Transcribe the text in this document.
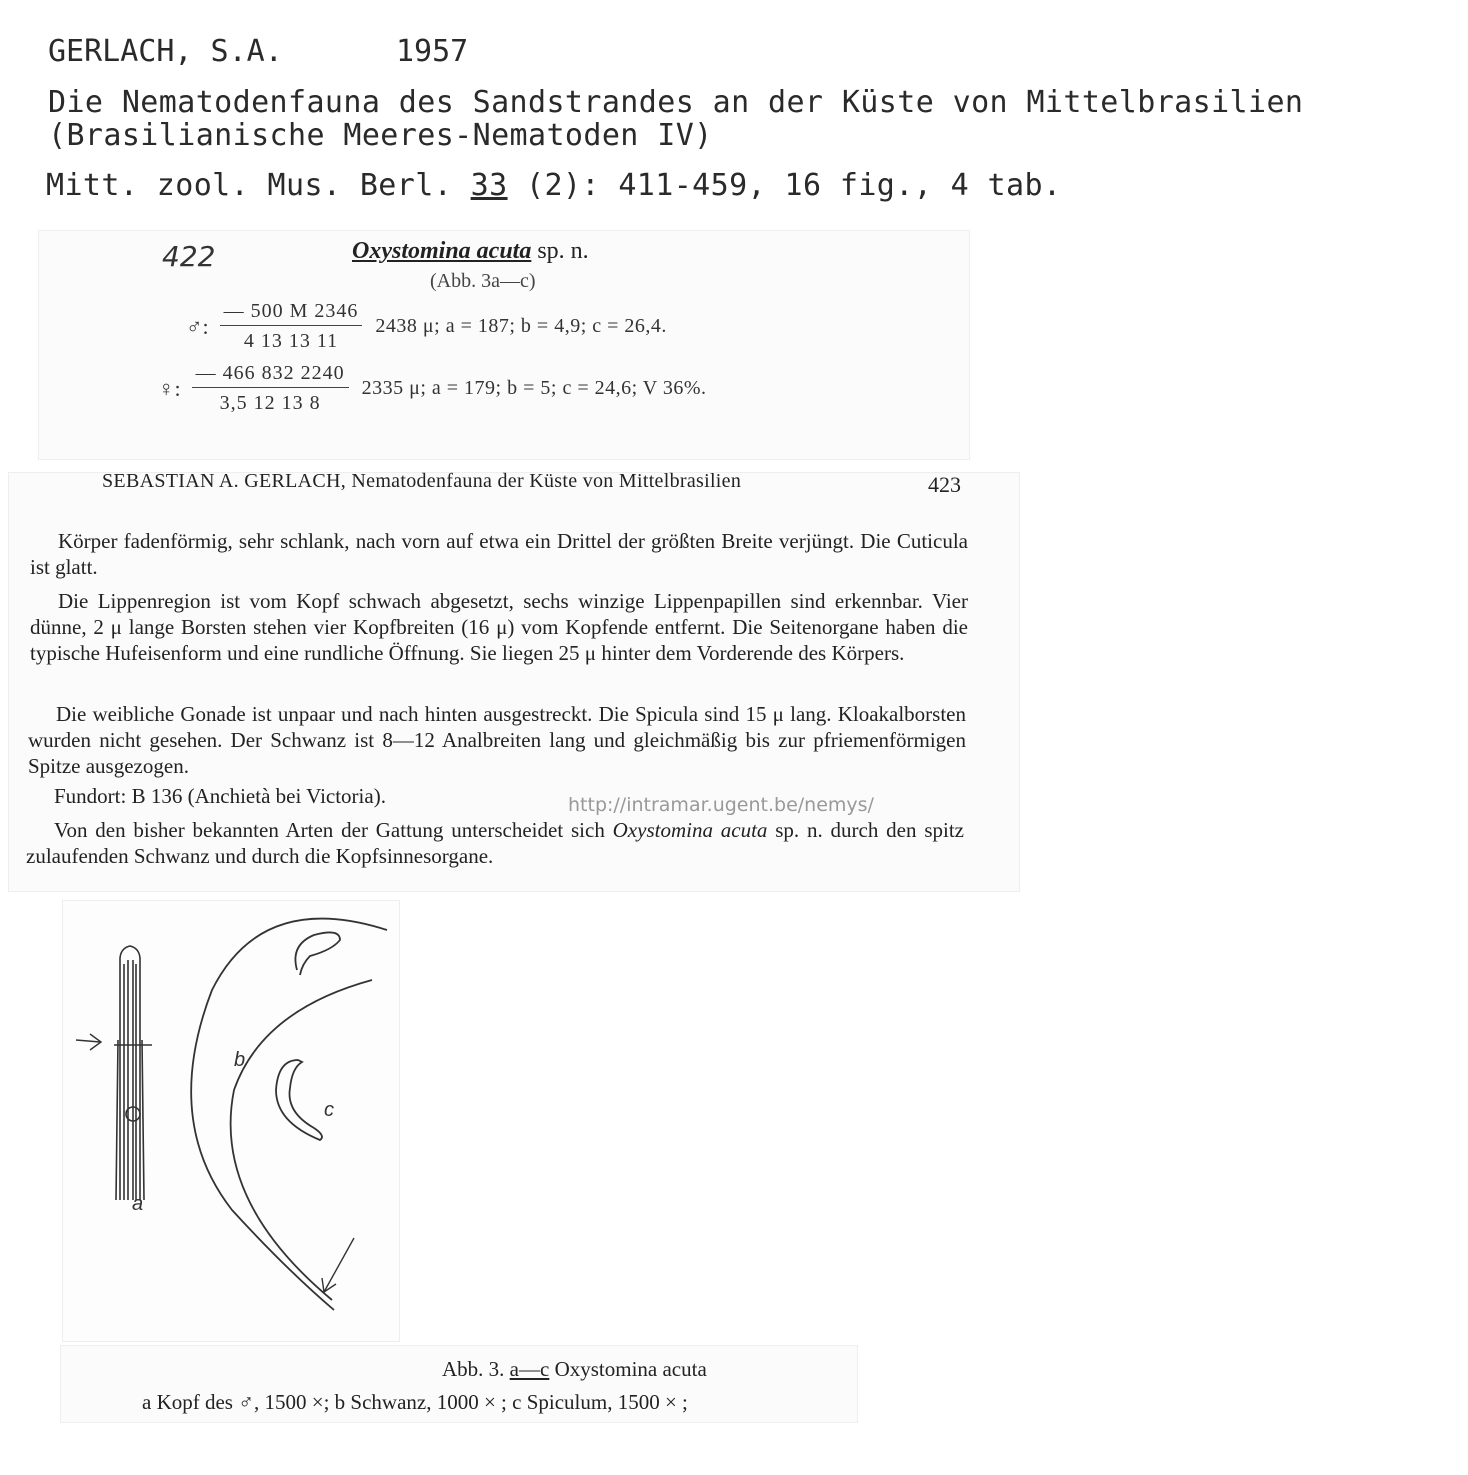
GERLACH, S.A.	1957
Die Nematodenfauna des Sandstrandes an der Küste von Mittelbrasilien
(Brasilianische Meeres-Nematoden IV)
Mitt. zool. Mus. Berl. 33 (2): 411-459, 16 fig., 4 tab.
422	Oxystomina acuta sp. n.
(Abb. 3a—c)
♂: $\frac{— 500 M 2346}{4 13 13 11} 2438$ μ; a = 187; b = 4,9; c = 26,4.
♀: $\frac{— 466 832 2240}{3,5 12 13 8} 2335$ μ; a = 179; b = 5; c = 24,6; V 36%.
SEBASTIAN A. GERLACH, Nematodenfauna der Küste von Mittelbrasilien	423
Körper fadenförmig, sehr schlank, nach vorn auf etwa ein Drittel der größten Breite verjüngt. Die Cuticula ist glatt.
Die Lippenregion ist vom Kopf schwach abgesetzt, sechs winzige Lippenpapillen sind erkennbar. Vier dünne, 2 μ lange Borsten stehen vier Kopfbreiten (16 μ) vom Kopfende entfernt. Die Seitenorgane haben die typische Hufeisenform und eine rundliche Öffnung. Sie liegen 25 μ hinter dem Vorderende des Körpers.
Die weibliche Gonade ist unpaar und nach hinten ausgestreckt. Die Spicula sind 15 μ lang. Kloakalborsten wurden nicht gesehen. Der Schwanz ist 8—12 Analbreiten lang und gleichmäßig bis zur pfriemenförmigen Spitze ausgezogen.
Fundort: B 136 (Anchietà bei Victoria).
Von den bisher bekannten Arten der Gattung unterscheidet sich Oxystomina acuta sp. n. durch den spitz zulaufenden Schwanz und durch die Kopfsinnesorgane.
http://intramar.ugent.be/nemys/
a
b
c
Abb. 3. a—c Oxystomina acuta
a Kopf des ♂, 1500 ×; b Schwanz, 1000 × ; c Spiculum, 1500 × ;
